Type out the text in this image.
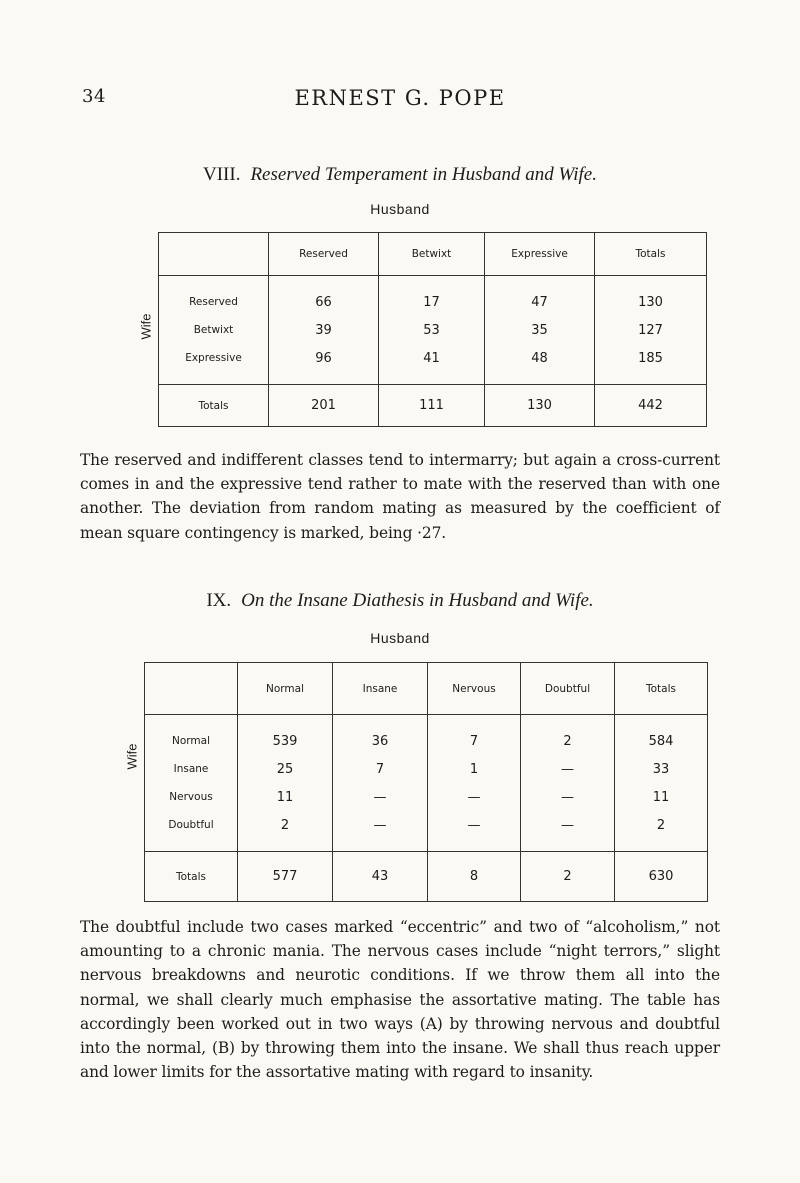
34	ERNEST G. POPE
VIII. Reserved Temperament in Husband and Wife.
Husband
Wife
	Reserved	Betwixt	Expressive	Totals
Reserved	66	17	47	130
Betwixt	39	53	35	127
Expressive	96	41	48	185
Totals	201	111	130	442

The reserved and indifferent classes tend to intermarry; but again a cross-current comes in and the expressive tend rather to mate with the reserved than with one another. The deviation from random mating as measured by the coefficient of mean square contingency is marked, being ·27.

IX. On the Insane Diathesis in Husband and Wife.
Husband
Wife
	Normal	Insane	Nervous	Doubtful	Totals
Normal	539	36	7	2	584
Insane	25	7	1	—	33
Nervous	11	—	—	—	11
Doubtful	2	—	—	—	2
Totals	577	43	8	2	630

The doubtful include two cases marked “eccentric” and two of “alcoholism,” not amounting to a chronic mania. The nervous cases include “night terrors,” slight nervous breakdowns and neurotic conditions. If we throw them all into the normal, we shall clearly much emphasise the assortative mating. The table has accordingly been worked out in two ways (A) by throwing nervous and doubtful into the normal, (B) by throwing them into the insane. We shall thus reach upper and lower limits for the assortative mating with regard to insanity.
